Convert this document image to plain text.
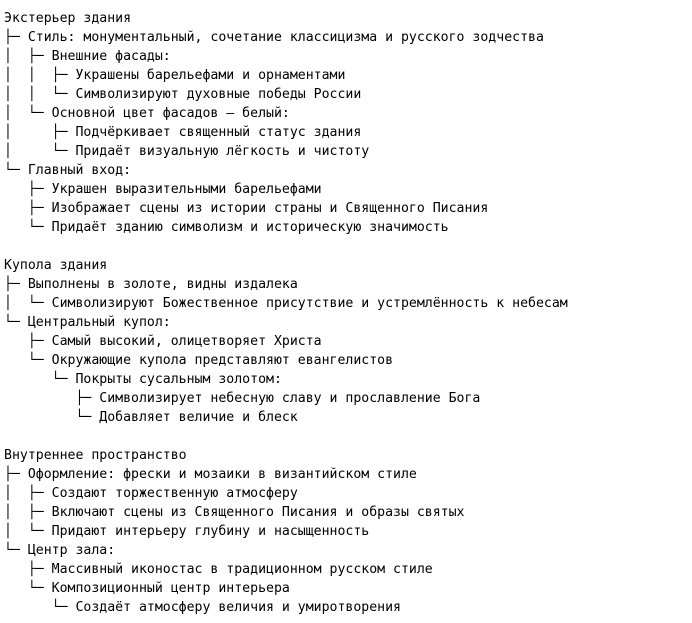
Экстерьер здания
├─ Стиль: монументальный, сочетание классицизма и русского зодчества
│  ├─ Внешние фасады:
│  │  ├─ Украшены барельефами и орнаментами
│  │  └─ Символизируют духовные победы России
│  └─ Основной цвет фасадов — белый:
│     ├─ Подчёркивает священный статус здания
│     └─ Придаёт визуальную лёгкость и чистоту
└─ Главный вход:
├─ Украшен выразительными барельефами
├─ Изображает сцены из истории страны и Священного Писания
└─ Придаёт зданию символизм и историческую значимость
Купола здания
├─ Выполнены в золоте, видны издалека
│  └─ Символизируют Божественное присутствие и устремлённость к небесам
└─ Центральный купол:
├─ Самый высокий, олицетворяет Христа
└─ Окружающие купола представляют евангелистов
└─ Покрыты сусальным золотом:
├─ Символизирует небесную славу и прославление Бога
└─ Добавляет величие и блеск
Внутреннее пространство
├─ Оформление: фрески и мозаики в византийском стиле
│  ├─ Создают торжественную атмосферу
│  ├─ Включают сцены из Священного Писания и образы святых
│  └─ Придают интерьеру глубину и насыщенность
└─ Центр зала:
├─ Массивный иконостас в традиционном русском стиле
└─ Композиционный центр интерьера
└─ Создаёт атмосферу величия и умиротворения
